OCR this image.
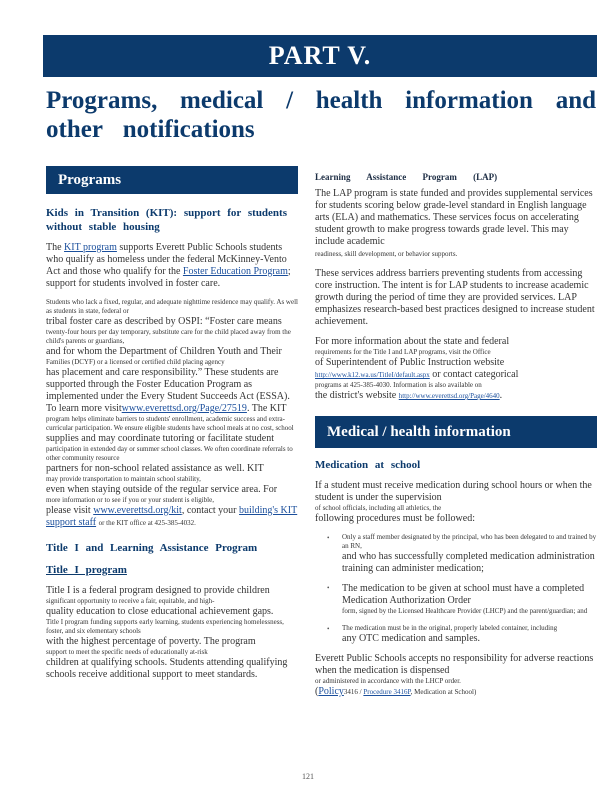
PART V.
Programs, medical / health information and other notifications
Programs
Kids in Transition (KIT): support for students without stable housing

The KIT program supports Everett Public Schools students who qualify as homeless under the federal McKinney-Vento Act and those who qualify for the Foster Education Program; support for students involved in foster care.

Students who lack a fixed, regular, and adequate nighttime residence may qualify. As well as students in state, federal or
tribal foster care as described by OSPI: “Foster care means
twenty-four hours per day temporary, substitute care for the child placed away from the child's parents or guardians,
and for whom the Department of Children Youth and Their
Families (DCYF) or a licensed or certified child placing agency
has placement and care responsibility.” These students are supported through the Foster Education Program as implemented under the Every Student Succeeds Act (ESSA). To learn more visitwww.everettsd.org/Page/27519. The KIT
program helps eliminate barriers to students' enrollment, academic success and extra-curricular participation. We ensure eligible students have school meals at no cost, school
supplies and may coordinate tutoring or facilitate student
participation in extended day or summer school classes. We often coordinate referrals to other community resource
partners for non-school related assistance as well. KIT
may provide transportation to maintain school stability,
even when staying outside of the regular service area. For
more information or to see if you or your student is eligible,
please visit www.everettsd.org/kit, contact your building's KIT support staff or the KIT office at 425-385-4032.
Title I and Learning Assistance Program
Title I program
Title I is a federal program designed to provide children
significant opportunity to receive a fair, equitable, and high-
quality education to close educational achievement gaps.
Title I program funding supports early learning, students experiencing homelessness, foster, and six elementary schools
with the highest percentage of poverty. The program
support to meet the specific needs of educationally at-risk
children at qualifying schools. Students attending qualifying schools receive additional support to meet standards.
Learning Assistance Program (LAP)

The LAP program is state funded and provides supplemental services for students scoring below grade-level standard in English language arts (ELA) and mathematics. These services focus on accelerating student growth to make progress towards grade level. This may include academic
readiness, skill development, or behavior supports.

These services address barriers preventing students from accessing core instruction. The intent is for LAP students to increase academic growth during the period of time they are provided services. LAP emphasizes research-based best practices designed to increase student achievement.

For more information about the state and federal
requirements for the Title I and LAP programs, visit the Office
of Superintendent of Public Instruction website http://www.k12.wa.us/TitleI/default.aspx or contact categorical
programs at 425-385-4030. Information is also available on
the district's website http://www.everettsd.org/Page/4640.
Medical / health information
Medication at school
If a student must receive medication during school hours or when the student is under the supervision
of school officials, including all athletics, the
following procedures must be followed:
• Only a staff member designated by the principal, who has been delegated to and trained by an RN,
and who has successfully completed medication administration training can administer medication;
• The medication to be given at school must have a completed Medication Authorization Order
form, signed by the Licensed Healthcare Provider (LHCP) and the parent/guardian; and
• The medication must be in the original, properly labeled container, including
any OTC medication and samples.
Everett Public Schools accepts no responsibility for adverse reactions when the medication is dispensed
or administered in accordance with the LHCP order.
(Policy3416 / Procedure 3416P, Medication at School)
121
